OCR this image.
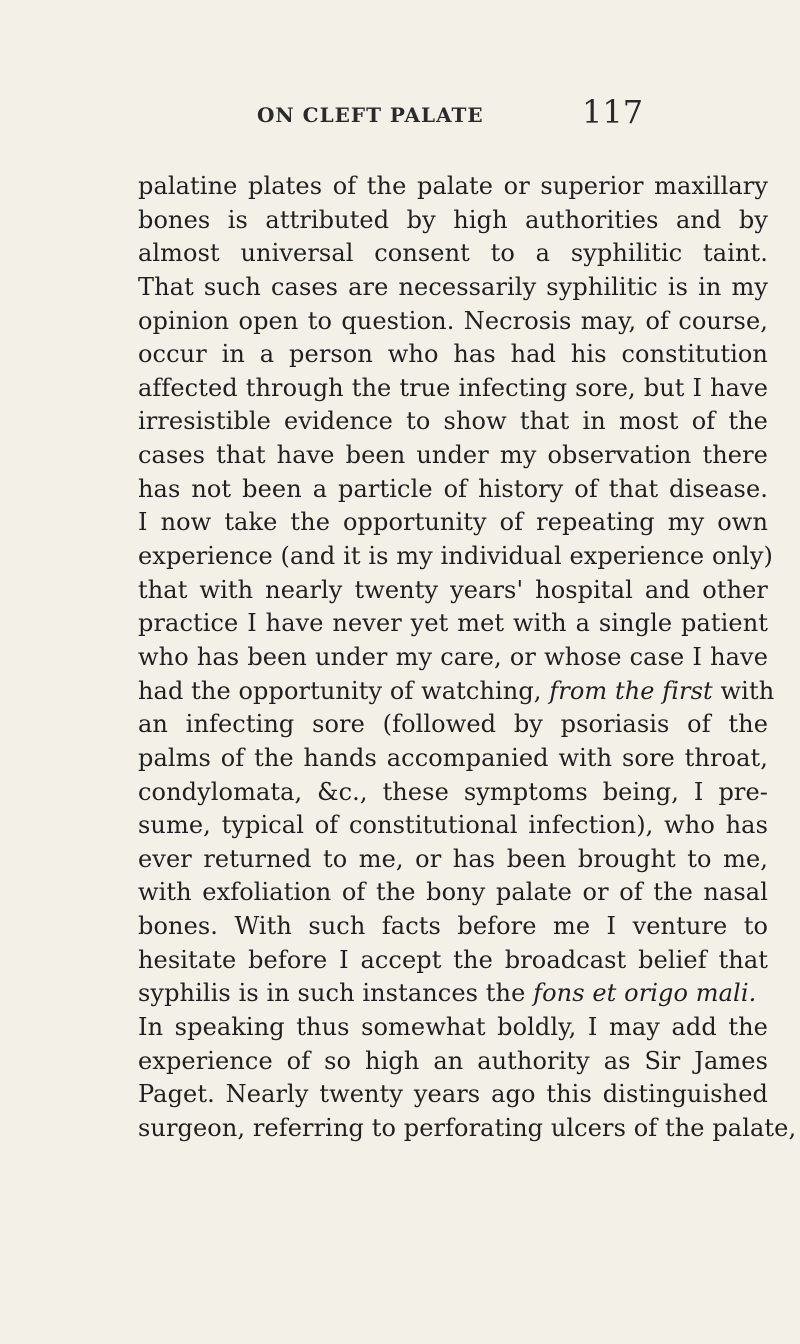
ON CLEFT PALATE	117
palatine plates of the palate or superior maxillary
bones is attributed by high authorities and by
almost universal consent to a syphilitic taint.
That such cases are necessarily syphilitic is in my
opinion open to question. Necrosis may, of course,
occur in a person who has had his constitution
affected through the true infecting sore, but I have
irresistible evidence to show that in most of the
cases that have been under my observation there
has not been a particle of history of that disease.
I now take the opportunity of repeating my own
experience (and it is my individual experience only)
that with nearly twenty years' hospital and other
practice I have never yet met with a single patient
who has been under my care, or whose case I have
had the opportunity of watching, from the first with
an infecting sore (followed by psoriasis of the
palms of the hands accompanied with sore throat,
condylomata, &c., these symptoms being, I pre-
sume, typical of constitutional infection), who has
ever returned to me, or has been brought to me,
with exfoliation of the bony palate or of the nasal
bones. With such facts before me I venture to
hesitate before I accept the broadcast belief that
syphilis is in such instances the fons et origo mali.
In speaking thus somewhat boldly, I may add the
experience of so high an authority as Sir James
Paget. Nearly twenty years ago this distinguished
surgeon, referring to perforating ulcers of the palate,
